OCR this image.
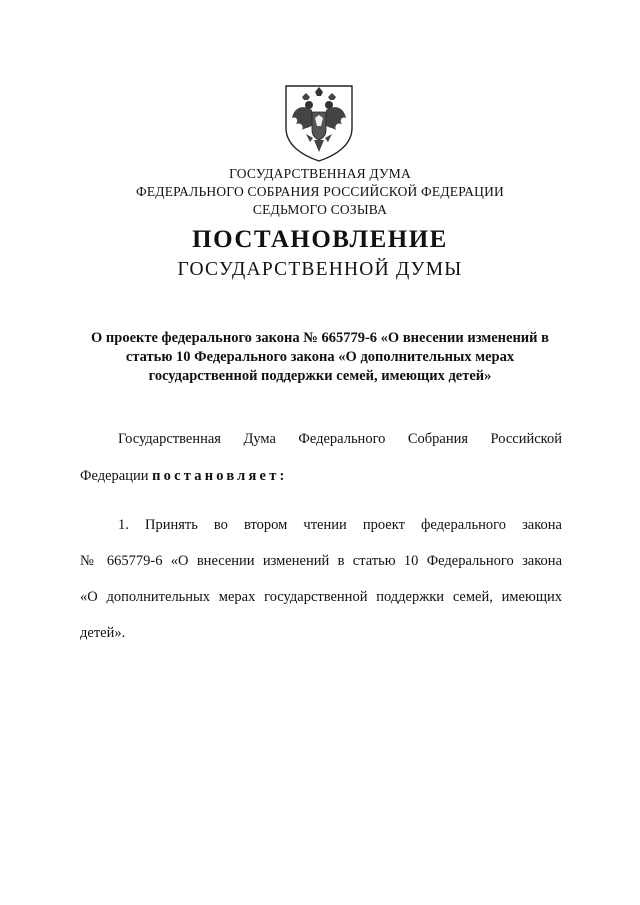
ГОСУДАРСТВЕННАЯ ДУМА
ФЕДЕРАЛЬНОГО СОБРАНИЯ РОССИЙСКОЙ ФЕДЕРАЦИИ
СЕДЬМОГО СОЗЫВА
ПОСТАНОВЛЕНИЕ
ГОСУДАРСТВЕННОЙ ДУМЫ
О проекте федерального закона № 665779-6 «О внесении изменений в
статью 10 Федерального закона «О дополнительных мерах
государственной поддержки семей, имеющих детей»
Государственная Дума Федерального Собрания Российской
Федерации постановляет:
1. Принять во втором чтении проект федерального закона
№ 665779-6 «О внесении изменений в статью 10 Федерального закона
«О дополнительных мерах государственной поддержки семей, имеющих
детей».
